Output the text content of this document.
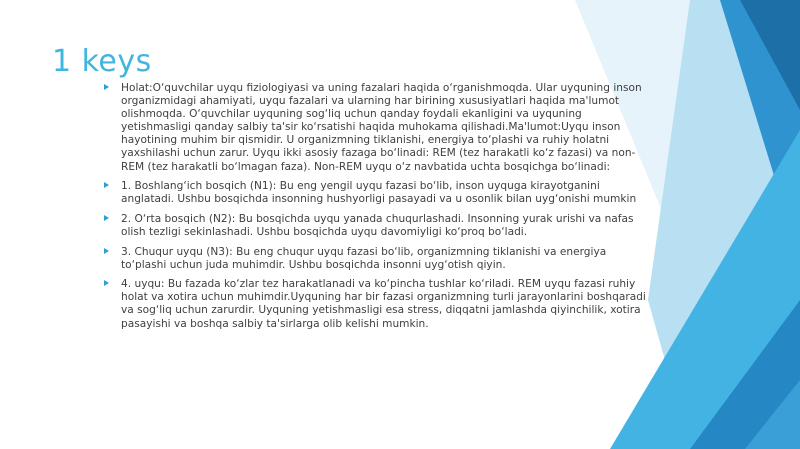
1 keys
Holat:O‘quvchilar uyqu fiziologiyasi va uning fazalari haqida o‘rganishmoqda. Ular uyquning inson organizmidagi ahamiyati, uyqu fazalari va ularning har birining xususiyatlari haqida ma'lumot olishmoqda. O‘quvchilar uyquning sog‘liq uchun qanday foydali ekanligini va uyquning yetishmasligi qanday salbiy ta'sir ko‘rsatishi haqida muhokama qilishadi.Ma'lumot:Uyqu inson hayotining muhim bir qismidir. U organizmning tiklanishi, energiya to‘plashi va ruhiy holatni yaxshilashi uchun zarur. Uyqu ikki asosiy fazaga bo‘linadi: REM (tez harakatli ko‘z fazasi) va non-REM (tez harakatli bo‘lmagan faza). Non-REM uyqu o‘z navbatida uchta bosqichga bo‘linadi:
1. Boshlang‘ich bosqich (N1): Bu eng yengil uyqu fazasi bo‘lib, inson uyquga kirayotganini anglatadi. Ushbu bosqichda insonning hushyorligi pasayadi va u osonlik bilan uyg‘onishi mumkin
2. O‘rta bosqich (N2): Bu bosqichda uyqu yanada chuqurlashadi. Insonning yurak urishi va nafas olish tezligi sekinlashadi. Ushbu bosqichda uyqu davomiyligi ko‘proq bo‘ladi.
3. Chuqur uyqu (N3): Bu eng chuqur uyqu fazasi bo‘lib, organizmning tiklanishi va energiya to‘plashi uchun juda muhimdir. Ushbu bosqichda insonni uyg‘otish qiyin.
4. uyqu: Bu fazada ko‘zlar tez harakatlanadi va ko‘pincha tushlar ko‘riladi. REM uyqu fazasi ruhiy holat va xotira uchun muhimdir.Uyquning har bir fazasi organizmning turli jarayonlarini boshqaradi va sog‘liq uchun zarurdir. Uyquning yetishmasligi esa stress, diqqatni jamlashda qiyinchilik, xotira pasayishi va boshqa salbiy ta'sirlarga olib kelishi mumkin.
